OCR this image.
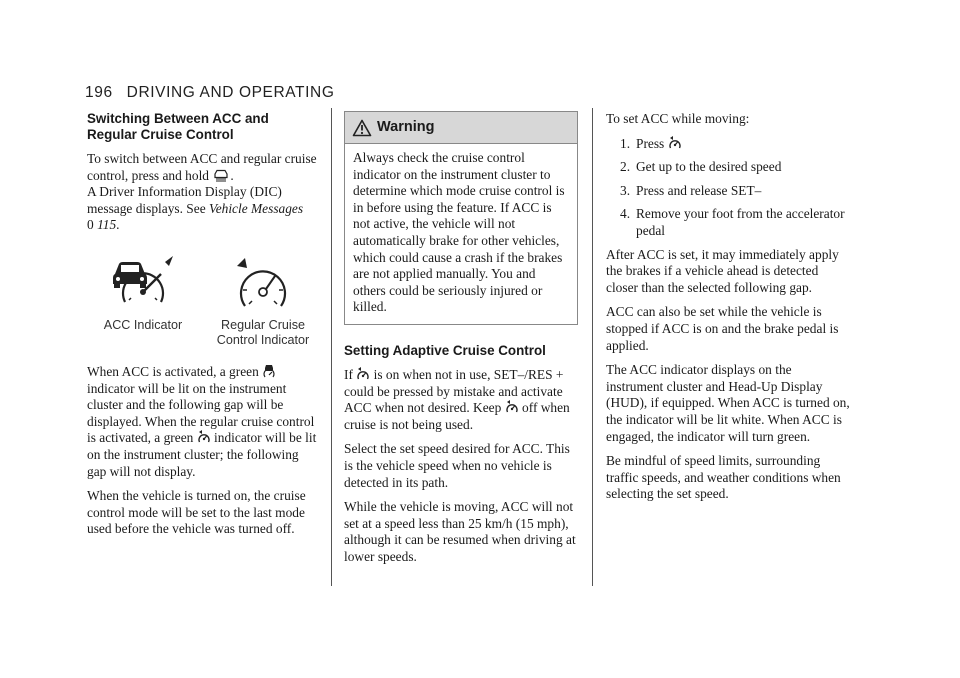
196 DRIVING AND OPERATING
Switching Between ACC and Regular Cruise Control

To switch between ACC and regular cruise control, press and hold .
A Driver Information Display (DIC) message displays. See Vehicle Messages
0 115.

ACC Indicator	Regular Cruise
Control Indicator

When ACC is activated, a green
indicator will be lit on the instrument cluster and the following gap will be displayed. When the regular cruise control is activated, a green indicator will be lit on the instrument cluster; the following gap will not display.

When the vehicle is turned on, the cruise control mode will be set to the last mode used before the vehicle was turned off.

Warning

Always check the cruise control indicator on the instrument cluster to determine which mode cruise control is in before using the feature. If ACC is not active, the vehicle will not automatically brake for other vehicles, which could cause a crash if the brakes are not applied manually. You and others could be seriously injured or killed.

Setting Adaptive Cruise Control

If is on when not in use, SET–/RES + could be pressed by mistake and activate ACC when not desired. Keep off when cruise is not being used.

Select the set speed desired for ACC. This is the vehicle speed when no vehicle is detected in its path.

While the vehicle is moving, ACC will not set at a speed less than 25 km/h (15 mph), although it can be resumed when driving at lower speeds.

To set ACC while moving:

1. Press
2. Get up to the desired speed
3. Press and release SET–
4. Remove your foot from the accelerator pedal

After ACC is set, it may immediately apply the brakes if a vehicle ahead is detected closer than the selected following gap.

ACC can also be set while the vehicle is stopped if ACC is on and the brake pedal is applied.

The ACC indicator displays on the instrument cluster and Head-Up Display (HUD), if equipped. When ACC is turned on, the indicator will be lit white. When ACC is engaged, the indicator will turn green.

Be mindful of speed limits, surrounding traffic speeds, and weather conditions when selecting the set speed.
